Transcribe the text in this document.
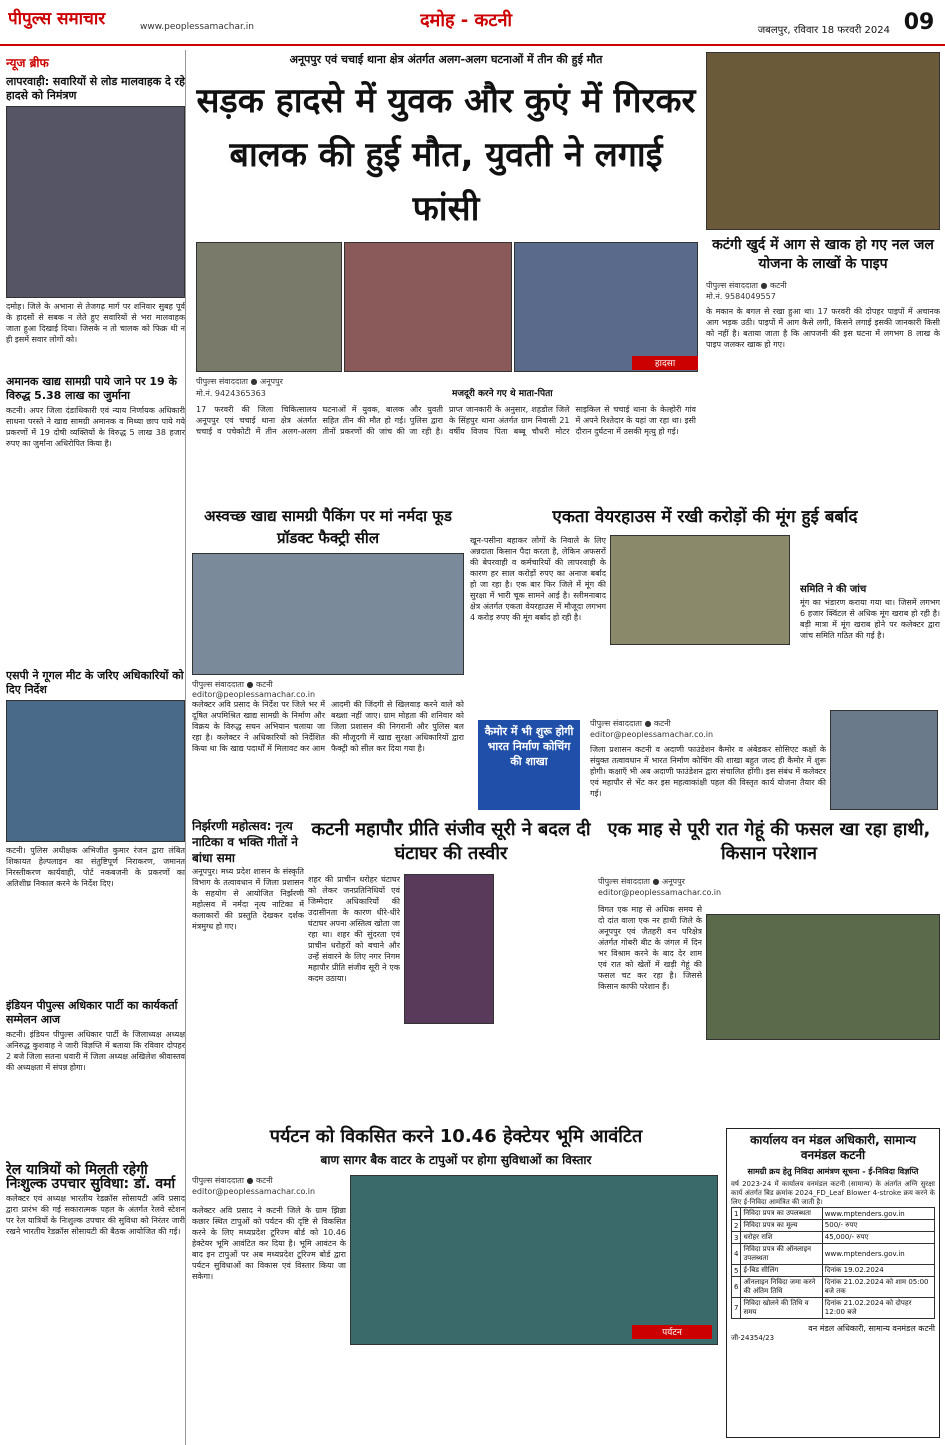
पीपुल्स समाचार	www.peoplessamachar.in	दमोह - कटनी	जबलपुर, रविवार 18 फरवरी 2024 09
न्यूज ब्रीफ
लापरवाही: सवारियों से लोड मालवाहक दे रहे हादसे को निमंत्रण
दमोह। जिले के अभाना से तेजगढ़ मार्ग पर शनिवार सुबह पूर्व के हादसों से सबक न लेते हुए सवारियों से भरा मालवाहक जाता हुआ दिखाई दिया। जिसके न तो चालक को फिक्र थी न ही इसमें सवार लोगों को।
अमानक खाद्य सामग्री पाये जाने पर 19 के विरुद्ध 5.38 लाख का जुर्माना
कटनी। अपर जिला दंडाधिकारी एवं न्याय निर्णायक अधिकारी साधना परस्ते ने खाद्य सामग्री अमानक व मिथ्या छाप पाये गये प्रकरणों में 19 दोषी व्यक्तियों के विरुद्ध 5 लाख 38 हजार रुपए का जुर्माना अधिरोपित किया है।
एसपी ने गूगल मीट के जरिए अधिकारियों को दिए निर्देश
कटनी। पुलिस अधीक्षक अभिजीत कुमार रंजन द्वारा लंबित शिकायत हेल्पलाइन का संतुष्टिपूर्ण निराकरण, जमानत निरस्तीकरण कार्यवाही, पोर्ट नकबजनी के प्रकरणों का अतिशीघ्र निकाल करने के निर्देश दिए।
इंडियन पीपुल्स अधिकार पार्टी का कार्यकर्ता सम्मेलन आज
कटनी। इंडियन पीपुल्स अधिकार पार्टी के जिलाध्यक्ष अध्यक्ष अनिरुद्ध कुशवाह ने जारी विज्ञप्ति में बताया कि रविवार दोपहर 2 बजे जिला सतना धवारी में जिला अध्यक्ष अखिलेश श्रीवास्तव की अध्यक्षता में संपन्न होगा।
रेल यात्रियों को मिलती रहेगी निःशुल्क उपचार सुविधा: डॉ. वर्मा
कलेक्टर एवं अध्यक्ष भारतीय रेडक्रॉस सोसायटी अवि प्रसाद द्वारा प्रारंभ की गई सकारात्मक पहल के अंतर्गत रेलवे स्टेशन पर रेल यात्रियों के निःशुल्क उपचार की सुविधा को निरंतर जारी रखने भारतीय रेडक्रॉस सोसायटी की बैठक आयोजित की गई।
अनूपपुर एवं चचाई थाना क्षेत्र अंतर्गत अलग-अलग घटनाओं में तीन की हुई मौत
सड़क हादसे में युवक और कुएं में गिरकर बालक की हुई मौत, युवती ने लगाई फांसी
हादसा
पीपुल्स संवाददाता ● अनूपपुर
मो.नं. 9424365363
17 फरवरी की जिला चिकित्सालय अनूपपुर एवं चचाई थाना क्षेत्र अंतर्गत चचाई व पचेकोटी में तीन अलग-अलग घटनाओं में युवक, बालक और युवती सहित तीन की मौत हो गई। पुलिस द्वारा तीनों प्रकरणों की जांच की जा रही है। प्राप्त जानकारी के अनुसार, शहडोल जिले के सिंहपुर थाना अंतर्गत ग्राम निवासी 21 वर्षीय विजय पिता बब्बू चौधरी मोटर साइकिल से चचाई थाना के केल्होरी गांव में अपने रिश्तेदार के यहां जा रहा था। इसी दौरान दुर्घटना में उसकी मृत्यु हो गई।
मजदूरी करने गए थे माता-पिता
कटंगी खुर्द में आग से खाक हो गए नल जल योजना के लाखों के पाइप
पीपुल्स संवाददाता ● कटनी
मो.नं. 9584049557
के मकान के बगल से रखा हुआ था। 17 फरवरी की दोपहर पाइपों में अचानक आग भड़क उठी। पाइपों में आग कैसे लगी, किसने लगाई इसकी जानकारी किसी को नहीं है। बताया जाता है कि आपजनी की इस घटना में लगभग 8 लाख के पाइप जलकर खाक हो गए।
अस्वच्छ खाद्य सामग्री पैकिंग पर मां नर्मदा फूड प्रॉडक्ट फैक्ट्री सील
पीपुल्स संवाददाता ● कटनी
editor@peoplessamachar.co.in
कलेक्टर अवि प्रसाद के निर्देश पर जिले भर में दूषित अपमिश्रित खाद्य सामग्री के निर्माण और विक्रय के विरुद्ध सघन अभियान चलाया जा रहा है। कलेक्टर ने अधिकारियों को निर्देशित किया था कि खाद्य पदार्थों में मिलावट कर आम आदमी की जिंदगी से खिलवाड़ करने वाले को बख्शा नहीं जाए। ग्राम मोहता की शनिवार को जिला प्रशासन की निगरानी और पुलिस बल की मौजूदगी में खाद्य सुरक्षा अधिकारियों द्वारा फैक्ट्री को सील कर दिया गया है।
एकता वेयरहाउस में रखी करोड़ों की मूंग हुई बर्बाद
खून-पसीना बहाकर लोगों के निवाले के लिए अन्नदाता किसान पैदा करता है, लेकिन अफसरों की बेपरवाही व कर्मचारियों की लापरवाही के कारण हर साल करोड़ों रुपए का अनाज बर्बाद हो जा रहा है। एक बार फिर जिले में मूंग की सुरक्षा में भारी चूक सामने आई है। स्लीमनाबाद क्षेत्र अंतर्गत एकता वेयरहाउस में मौजूदा लगभग 4 करोड़ रुपए की मूंग बर्बाद हो रही है।
समिति ने की जांच
मूंग का भंडारण कराया गया था। जिसमें लगभग 6 हजार क्विंटल से अधिक मूंग खराब हो रही है। बड़ी मात्रा में मूंग खराब होने पर कलेक्टर द्वारा जांच समिति गठित की गई है।
कैमोर में भी शुरू होगी भारत निर्माण कोचिंग की शाखा
पीपुल्स संवाददाता ● कटनी
editor@peoplessamachar.co.in
जिला प्रशासन कटनी व अदाणी फाउंडेशन कैमोर व अंबेडकर सोसिएट कक्षों के संयुक्त तत्वावधान में भारत निर्माण कोचिंग की शाखा बहुत जल्द ही कैमोर में शुरू होगी। कक्षाएँ भी अब अदाणी फाउंडेशन द्वारा संचालित होंगी। इस संबंध में कलेक्टर एवं महापौर से भेंट कर इस महत्वाकांक्षी पहल की विस्तृत कार्य योजना तैयार की गई।
निर्झरणी महोत्सव: नृत्य नाटिका व भक्ति गीतों ने बांधा समा
अनूपपुर। मध्य प्रदेश शासन के संस्कृति विभाग के तत्वावधान में जिला प्रशासन के सहयोग से आयोजित निर्झरणी महोत्सव में नर्मदा नृत्य नाटिका में कलाकारों की प्रस्तुति देखकर दर्शक मंत्रमुग्ध हो गए।
कटनी महापौर प्रीति संजीव सूरी ने बदल दी घंटाघर की तस्वीर
शहर की प्राचीन धरोहर घंटाघर को लेकर जनप्रतिनिधियों एवं जिम्मेदार अधिकारियों की उदासीनता के कारण धीरे-धीरे घंटाघर अपना अस्तित्व खोता जा रहा था। शहर की सुंदरता एवं प्राचीन धरोहरों को बचाने और उन्हें संवारने के लिए नगर निगम महापौर प्रीति संजीव सूरी ने एक कदम उठाया।
एक माह से पूरी रात गेहूं की फसल खा रहा हाथी, किसान परेशान
पीपुल्स संवाददाता ● अनूपपुर
editor@peoplessamachar.co.in
विगत एक माह से अधिक समय से दो दांत वाला एक नर हाथी जिले के अनूपपुर एवं जैतहरी वन परिक्षेत्र अंतर्गत गोबरी बीट के जंगल में दिन भर विश्राम करने के बाद देर शाम एवं रात को खेतों में खड़ी गेहूं की फसल चट कर रहा है। जिससे किसान काफी परेशान हैं।
पर्यटन को विकसित करने 10.46 हेक्टेयर भूमि आवंटित
बाण सागर बैक वाटर के टापुओं पर होगा सुविधाओं का विस्तार
पीपुल्स संवाददाता ● कटनी
editor@peoplessamachar.co.in
पर्यटन
कलेक्टर अवि प्रसाद ने कटनी जिले के ग्राम झिन्ना कछार स्थित टापुओं को पर्यटन की दृष्टि से विकसित करने के लिए मध्यप्रदेश टूरिज्म बोर्ड को 10.46 हेक्टेयर भूमि आवंटित कर दिया है। भूमि आवंटन के बाद इन टापुओं पर अब मध्यप्रदेश टूरिज्म बोर्ड द्वारा पर्यटन सुविधाओं का विकास एवं विस्तार किया जा सकेगा।
कार्यालय वन मंडल अधिकारी, सामान्य वनमंडल कटनी
सामग्री क्रय हेतु निविदा आमंत्रण सूचना - ई-निविदा विज्ञप्ति
वर्ष 2023-24 में कार्यालय वनमंडल कटनी (सामान्य) के अंतर्गत अग्नि सुरक्षा कार्य अंतर्गत बिड क्रमांक 2024_FD_Leaf Blower 4-stroke क्रय करने के लिए ई-निविदा आमंत्रित की जाती है।
1	निविदा प्रपत्र का उपलब्धता	www.mptenders.gov.in
2	निविदा प्रपत्र का मूल्य	500/- रुपए
3	धरोहर राशि	45,000/- रुपए
4	निविदा प्रपत्र की ऑनलाइन उपलब्धता	www.mptenders.gov.in
5	ई-बिड सीलिंग	दिनांक 19.02.2024
6	ऑनलाइन निविदा जमा करने की अंतिम तिथि	दिनांक 21.02.2024 को शाम 05:00 बजे तक
7	निविदा खोलने की तिथि व समय	दिनांक 21.02.2024 को दोपहर 12:00 बजे
वन मंडल अधिकारी, सामान्य वनमंडल कटनी
जी-24354/23
